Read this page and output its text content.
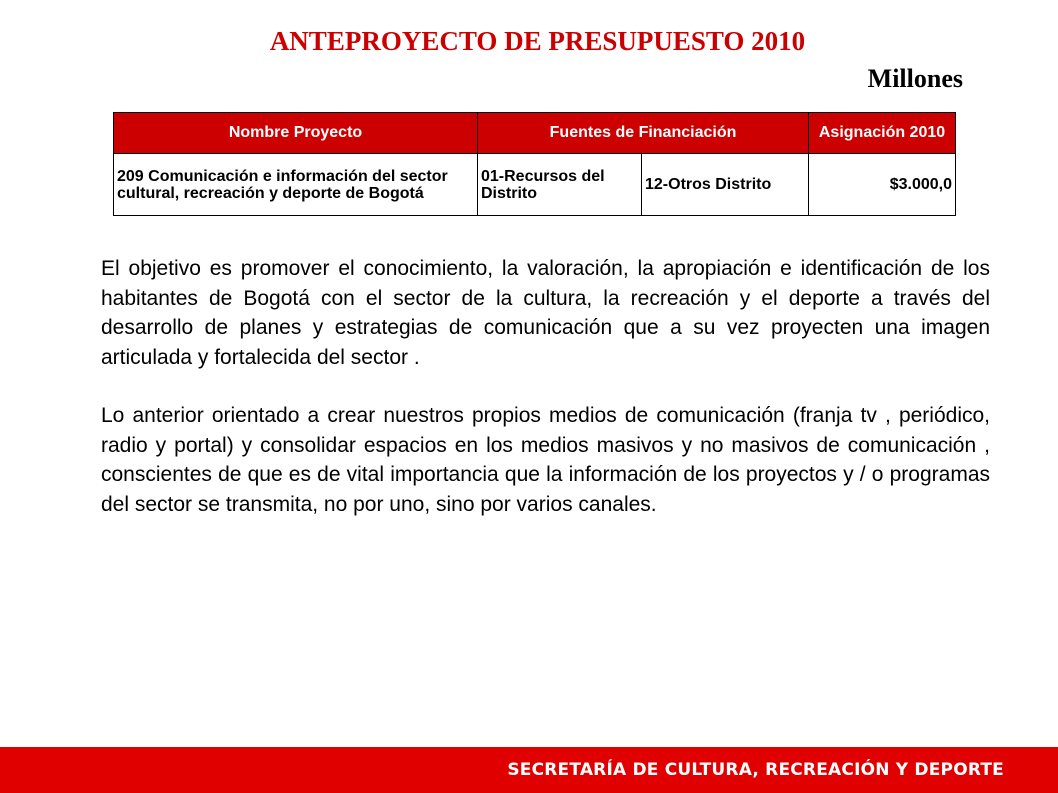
ANTEPROYECTO DE PRESUPUESTO 2010
Millones
Nombre Proyecto	Fuentes de Financiación		Asignación 2010
209 Comunicación e información del sector cultural, recreación y deporte de Bogotá	01-Recursos del Distrito	12-Otros Distrito	$3.000,0

El objetivo es promover el conocimiento, la valoración, la apropiación e identificación de los habitantes de Bogotá con el sector de la cultura, la recreación y el deporte a través del desarrollo de planes y estrategias de comunicación que a su vez proyecten una imagen articulada y fortalecida del sector .

Lo anterior orientado a crear nuestros propios medios de comunicación (franja tv , periódico, radio y portal) y consolidar espacios en los medios masivos y no masivos de comunicación , conscientes de que es de vital importancia que la información de los proyectos y / o programas del sector se transmita, no por uno, sino por varios canales.

SECRETARÍA DE CULTURA, RECREACIÓN Y DEPORTE
